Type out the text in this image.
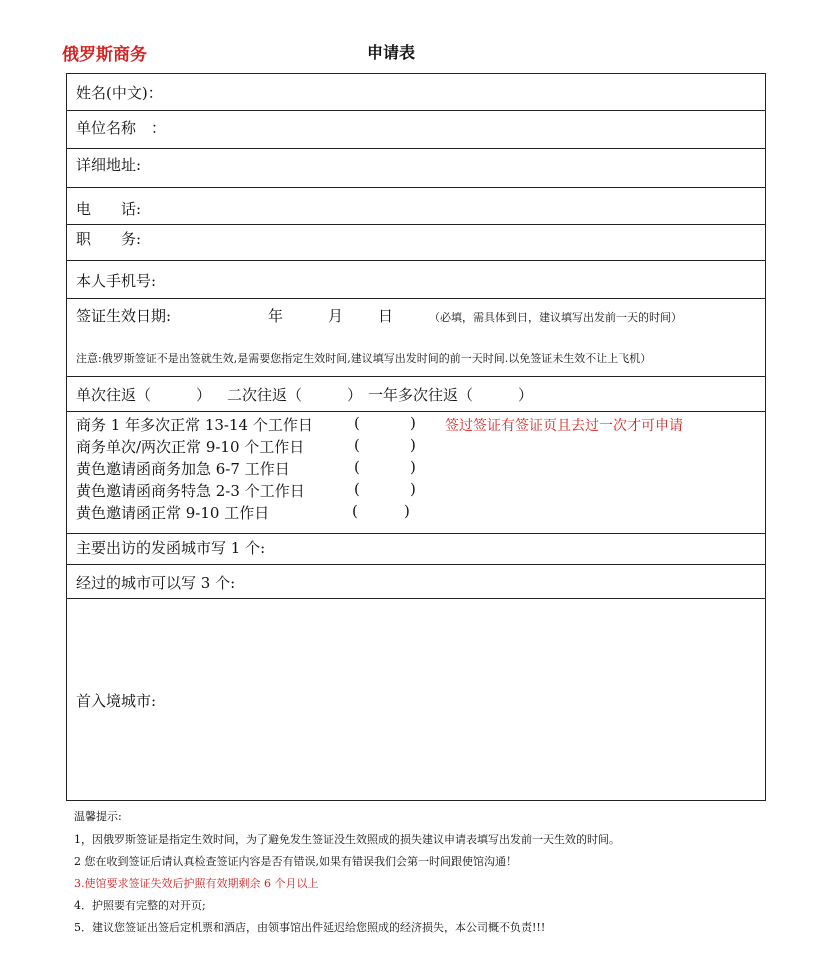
俄罗斯商务	申请表
姓名(中文)：
单位名称　：
详细地址:
电　　话:
职　　务:
本人手机号:
签证生效日期:	年	月 日	（必填，需具体到日，建议填写出发前一天的时间）
注意:俄罗斯签证不是出签就生效,是需要您指定生效时间,建议填写出发时间的前一天时间.以免签证未生效不让上飞机）
单次往返（　　　） 二次往返（　　　） 一年多次往返（　　　）
商务 1 年多次正常 13-14 个工作日	(	) 签过签证有签证页且去过一次才可申请
商务单次/两次正常 9-10 个工作日	(	)
黄色邀请函商务加急 6-7 工作日	(	)
黄色邀请函商务特急 2-3 个工作日	(	)
黄色邀请函正常 9-10 工作日	(	)
主要出访的发函城市写 1 个:
经过的城市可以写 3 个:
首入境城市:
温馨提示:
1，因俄罗斯签证是指定生效时间，为了避免发生签证没生效照成的损失建议申请表填写出发前一天生效的时间。
2 您在收到签证后请认真检查签证内容是否有错误,如果有错误我们会第一时间跟使馆沟通！
3.使馆要求签证失效后护照有效期剩余 6 个月以上
4．护照要有完整的对开页;
5．建议您签证出签后定机票和酒店，由领事馆出件延迟给您照成的经济损失，本公司概不负责!!!
